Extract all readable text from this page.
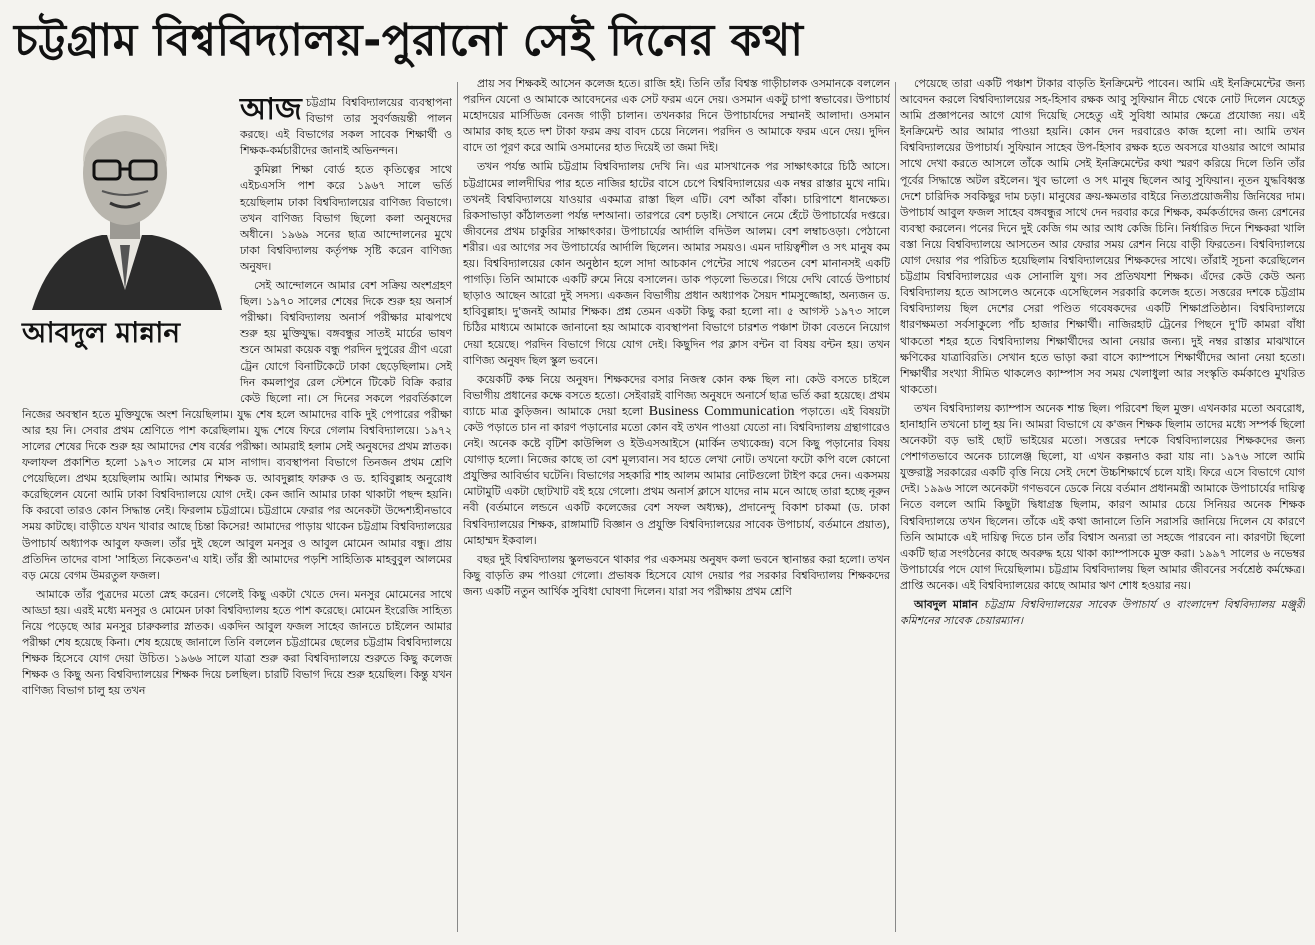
চট্টগ্রাম বিশ্ববিদ্যালয়-পুরানো সেই দিনের কথা

আজ চট্টগ্রাম বিশ্ববিদ্যালয়ের ব্যবস্থাপনা বিভাগ তার সুবর্ণজয়ন্তী পালন করছে। এই বিভাগের সকল সাবেক শিক্ষার্থী ও শিক্ষক-কর্মচারীদের জানাই অভিনন্দন।

কুমিল্লা শিক্ষা বোর্ড হতে কৃতিত্বের সাথে এইচএসসি পাশ করে ১৯৬৭ সালে ভর্তি হয়েছিলাম ঢাকা বিশ্ববিদ্যালয়ের বাণিজ্য বিভাগে। তখন বাণিজ্য বিভাগ ছিলো কলা অনুষদের অধীনে। ১৯৬৯ সনের ছাত্র আন্দোলনের মুখে ঢাকা বিশ্ববিদ্যালয় কর্তৃপক্ষ সৃষ্টি করেন বাণিজ্য অনুষদ।

সেই আন্দোলনে আমার বেশ সক্রিয় অংশগ্রহণ ছিল। ১৯৭০ সালের শেষের দিকে শুরু হয় অনার্স পরীক্ষা। বিশ্ববিদ্যালয় অনার্স পরীক্ষার মাঝপথে শুরু হয় মুক্তিযুদ্ধ। বঙ্গবন্ধুর সাতই মার্চের ভাষণ শুনে আমরা কয়েক বন্ধু পরদিন দুপুরের গ্রীণ এরো ট্রেন যোগে বিনাটিকেটে ঢাকা ছেড়েছিলাম। সেই দিন কমলাপুর রেল স্টেশনে টিকেট বিক্রি করার কেউ ছিলো না। সে দিনের সকলে পরবর্তিকালে নিজের অবস্থান হতে মুক্তিযুদ্ধে অংশ নিয়েছিলাম। যুদ্ধ শেষ হলে আমাদের বাকি দুই পেপারের পরীক্ষা আর হয় নি। সেবার প্রথম শ্রেণিতে পাশ করেছিলাম। যুদ্ধ শেষে ফিরে গেলাম বিশ্ববিদ্যালয়ে। ১৯৭২ সালের শেষের দিকে শুরু হয় আমাদের শেষ বর্ষের পরীক্ষা। আমরাই হলাম সেই অনুষদের প্রথম স্নাতক। ফলাফল প্রকাশিত হলো ১৯৭৩ সালের মে মাস নাগাদ। ব্যবস্থাপনা বিভাগে তিনজন প্রথম শ্রেণি পেয়েছিলে। প্রথম হয়েছিলাম আমি। আমার শিক্ষক ড. আবদুল্লাহ ফারুক ও ড. হাবিবুল্লাহ অনুরোধ করেছিলেন যেনো আমি ঢাকা বিশ্ববিদ্যালয়ে যোগ দেই। কেন জানি আমার ঢাকা থাকাটা পছন্দ হয়নি। কি করবো তারও কোন সিদ্ধান্ত নেই। ফিরলাম চট্টগ্রামে। চট্টগ্রামে ফেরার পর অনেকটা উদ্দেশ্যহীনভাবে সময় কাটছে। বাড়ীতে যখন খাবার আছে চিন্তা কিসের! আমাদের পাড়ায় থাকেন চট্টগ্রাম বিশ্ববিদ্যালয়ের উপাচার্য অধ্যাপক আবুল ফজল। তাঁর দুই ছেলে আবুল মনসুর ও আবুল মোমেন আমার বন্ধু। প্রায় প্রতিদিন তাদের বাসা 'সাহিত্য নিকেতন'এ যাই। তাঁর স্ত্রী আমাদের পড়শি সাহিত্যিক মাহবুবুল আলমের বড় মেয়ে বেগম উমরতুল ফজল।

আমাকে তাঁর পুত্রদের মতো স্নেহ করেন। গেলেই কিছু একটা খেতে দেন। মনসুর মোমেনের সাথে আড্ডা হয়। এরই মধ্যে মনসুর ও মোমেন ঢাকা বিশ্ববিদ্যালয় হতে পাশ করেছে। মোমেন ইংরেজি সাহিত্য নিয়ে পড়েছে আর মনসুর চারুকলার স্নাতক। একদিন আবুল ফজল সাহেব জানতে চাইলেন আমার পরীক্ষা শেষ হয়েছে কিনা। শেষ হয়েছে জানালে তিনি বললেন চট্টগ্রামের ছেলের চট্টগ্রাম বিশ্ববিদ্যালয়ে শিক্ষক হিসেবে যোগ দেয়া উচিত। ১৯৬৬ সালে যাত্রা শুরু করা বিশ্ববিদ্যালয়ে শুরুতে কিছু কলেজ শিক্ষক ও কিছু অন্য বিশ্ববিদ্যালয়ের শিক্ষক দিয়ে চলছিল। চারটি বিভাগ দিয়ে শুরু হয়েছিল। কিন্তু যখন বাণিজ্য বিভাগ চালু হয় তখন

আবদুল মান্নান

প্রায় সব শিক্ষকই আসেন কলেজ হতে। রাজি হই। তিনি তাঁর বিশ্বস্ত গাড়ীচালক ওসমানকে বললেন পরদিন যেনো ও আমাকে আবেদনের এক সেট ফরম এনে দেয়। ওসমান একটু চাপা স্বভাবের। উপাচার্য মহোদয়ের মার্সিডিজ বেনজ গাড়ী চালান। তখনকার দিনে উপাচার্যদের সম্মানই আলাদা। ওসমান আমার কাছ হতে দশ টাকা ফরম ক্রয় বাবদ চেয়ে নিলেন। পরদিন ও আমাকে ফরম এনে দেয়। দুদিন বাদে তা পূরণ করে আমি ওসমানের হাত দিয়েই তা জমা দিই।

তখন পর্যন্ত আমি চট্টগ্রাম বিশ্ববিদ্যালয় দেখি নি। এর মাসখানেক পর সাক্ষাৎকারে চিঠি আসে। চট্টগ্রামের লালদীঘির পার হতে নাজির হাটের বাসে চেপে বিশ্ববিদ্যালয়ের এক নম্বর রাস্তার মুখে নামি। তখনই বিশ্ববিদ্যালয়ে যাওয়ার একমাত্র রাস্তা ছিল এটি। বেশ আঁকা বাঁকা। চারিপাশে ধানক্ষেত। রিকসাভাড়া কাঁঠালতলা পর্যন্ত দশআনা। তারপরে বেশ চড়াই। সেখানে নেমে হেঁটে উপাচার্যের দপ্তরে। জীবনের প্রথম চাকুরির সাক্ষাৎকার। উপাচার্যের আর্দালি বদিউল আলম। বেশ লম্বাচওড়া। পেঠানো শরীর। এর আগের সব উপাচার্যের আর্দালি ছিলেন। আমার সময়ও। এমন দায়িত্বশীল ও সৎ মানুষ কম হয়। বিশ্ববিদ্যালয়ের কোন অনুষ্ঠান হলে সাদা আচকান পেন্টের সাথে পরতেন বেশ মানানসই একটি পাগড়ি। তিনি আমাকে একটি রুমে নিয়ে বসালেন। ডাক পড়লো ভিতরে। গিয়ে দেখি বোর্ডে উপাচার্য ছাড়াও আছেন আরো দুই সদস্য। একজন বিভাগীয় প্রধান অধ্যাপক সৈয়দ শামসুজ্জোহা, অন্যজন ড. হাবিবুল্লাহ। দু'জনই আমার শিক্ষক। প্রশ্ন তেমন একটা কিছু করা হলো না। ৫ আগস্ট ১৯৭৩ সালে চিঠির মাধ্যমে আমাকে জানানো হয় আমাকে ব্যবস্থাপনা বিভাগে চারশত পঞ্চাশ টাকা বেতনে নিয়োগ দেয়া হয়েছে। পরদিন বিভাগে গিয়ে যোগ দেই। কিছুদিন পর ক্লাস বন্টন বা বিষয় বন্টন হয়। তখন বাণিজ্য অনুষদ ছিল স্কুল ভবনে।

কয়েকটি কক্ষ নিয়ে অনুষদ। শিক্ষকদের বসার নিজস্ব কোন কক্ষ ছিল না। কেউ বসতে চাইলে বিভাগীয় প্রধানের কক্ষে বসতে হতো। সেইবারই বাণিজ্য অনুষদে অনার্সে ছাত্র ভর্তি করা হয়েছে। প্রথম ব্যাচে মাত্র কুড়িজন। আমাকে দেয়া হলো Business Communication পড়াতে। এই বিষয়টা কেউ পড়াতে চান না কারণ পড়ানোর মতো কোন বই তখন পাওয়া যেতো না। বিশ্ববিদ্যালয় গ্রন্থাগারেও নেই। অনেক কষ্টে বৃটিশ কাউন্সিল ও ইউএসআইসে (মার্কিন তথ্যকেন্দ্র) বসে কিছু পড়ানোর বিষয় যোগাড় হলো। নিজের কাছে তা বেশ মূল্যবান। সব হাতে লেখা নোট। তখনো ফটো কপি বলে কোনো প্রযুক্তির আবির্ভাব ঘটেনি। বিভাগের সহকারি শাহ আলম আমার নোটগুলো টাইপ করে দেন। একসময় মোটামুটি একটা ছোটখাট বই হয়ে গেলো। প্রথম অনার্স ক্লাসে যাদের নাম মনে আছে তারা হচ্ছে নূরুন নবী (বর্তমানে লন্ডনে একটি কলেজের বেশ সফল অধ্যক্ষ), প্রদানেন্দু বিকাশ চাকমা (ড. ঢাকা বিশ্ববিদ্যালয়ের শিক্ষক, রাঙ্গামাটি বিজ্ঞান ও প্রযুক্তি বিশ্ববিদ্যালয়ের সাবেক উপাচার্য, বর্তমানে প্রয়াত), মোহাম্মদ ইকবাল।

বছর দুই বিশ্ববিদ্যালয় স্কুলভবনে থাকার পর একসময় অনুষদ কলা ভবনে স্থানান্তর করা হলো। তখন কিছু বাড়তি রুম পাওয়া গেলো। প্রভাষক হিসেবে যোগ দেয়ার পর সরকার বিশ্ববিদ্যালয় শিক্ষকদের জন্য একটি নতুন আর্থিক সুবিধা ঘোষণা দিলেন। যারা সব পরীক্ষায় প্রথম শ্রেণি

পেয়েছে তারা একটি পঞ্চাশ টাকার বাড়তি ইনক্রিমেন্ট পাবেন। আমি এই ইনক্রিমেন্টের জন্য আবেদন করলে বিশ্ববিদ্যালয়ের সহ-হিসাব রক্ষক আবু সুফিয়ান নীচে থেকে নোট দিলেন যেহেতু আমি প্রজ্ঞাপনের আগে যোগ দিয়েছি সেহেতু এই সুবিধা আমার ক্ষেত্রে প্রযোজ্য নয়। এই ইনক্রিমেন্ট আর আমার পাওয়া হয়নি। কোন দেন দরবারেও কাজ হলো না। আমি তখন বিশ্ববিদ্যালয়ের উপাচার্য। সুফিয়ান সাহেব উপ-হিসাব রক্ষক হতে অবসরে যাওয়ার আগে আমার সাথে দেখা করতে আসলে তাঁকে আমি সেই ইনক্রিমেন্টের কথা স্মরণ করিয়ে দিলে তিনি তাঁর পূর্বের সিদ্ধান্তে অটল রইলেন। খুব ভালো ও সৎ মানুষ ছিলেন আবু সুফিয়ান। নূতন যুদ্ধবিধ্বস্ত দেশে চারিদিক সবকিছুর দাম চড়া। মানুষের ক্রয়-ক্ষমতার বাইরে নিত্যপ্রয়োজনীয় জিনিষের দাম। উপাচার্য আবুল ফজল সাহেব বঙ্গবন্ধুর সাথে দেন দরবার করে শিক্ষক, কর্মকর্তাদের জন্য রেশনের ব্যবস্থা করলেন। পনের দিনে দুই কেজি গম আর আধ কেজি চিনি। নির্ধারিত দিনে শিক্ষকরা খালি বস্তা নিয়ে বিশ্ববিদ্যালয়ে আসতেন আর ফেরার সময় রেশন নিয়ে বাড়ী ফিরতেন। বিশ্ববিদ্যালয়ে যোগ দেয়ার পর পরিচিত হয়েছিলাম বিশ্ববিদ্যালয়ের শিক্ষকদের সাথে। তাঁরাই সূচনা করেছিলেন চট্টগ্রাম বিশ্ববিদ্যালয়ের এক সোনালি যুগ। সব প্রতিথযশা শিক্ষক। এঁদের কেউ কেউ অন্য বিশ্ববিদ্যালয় হতে আসলেও অনেকে এসেছিলেন সরকারি কলেজ হতে। সত্তরের দশকে চট্টগ্রাম বিশ্ববিদ্যালয় ছিল দেশের সেরা পণ্ডিত গবেষকদের একটি শিক্ষাপ্রতিষ্ঠান। বিশ্ববিদ্যালয়ে ধারণক্ষমতা সর্বসাকুল্যে পাঁচ হাজার শিক্ষার্থী। নাজিরহাট ট্রেনের পিছনে দু'টি কামরা বাঁধা থাকতো শহর হতে বিশ্ববিদ্যালয় শিক্ষার্থীদের আনা নেয়ার জন্য। দুই নম্বর রাস্তার মাঝখানে ক্ষণিকের যাত্রাবিরতি। সেখান হতে ভাড়া করা বাসে ক্যাম্পাসে শিক্ষার্থীদের আনা নেয়া হতো। শিক্ষার্থীর সংখ্যা সীমিত থাকলেও ক্যাম্পাস সব সময় খেলাধুলা আর সংস্কৃতি কর্মকাণ্ডে মুখরিত থাকতো।

তখন বিশ্ববিদ্যালয় ক্যাম্পাস অনেক শান্ত ছিল। পরিবেশ ছিল মুক্ত। এখনকার মতো অবরোধ, হানাহানি তখনো চালু হয় নি। আমরা বিভাগে যে ক'জন শিক্ষক ছিলাম তাদের মধ্যে সম্পর্ক ছিলো অনেকটা বড় ভাই ছোট ভাইয়ের মতো। সত্তরের দশকে বিশ্ববিদ্যালয়ের শিক্ষকদের জন্য পেশাগতভাবে অনেক চ্যালেঞ্জ ছিলো, যা এখন কল্পনাও করা যায় না। ১৯৭৬ সালে আমি যুক্তরাষ্ট্র সরকারের একটি বৃত্তি নিয়ে সেই দেশে উচ্চশিক্ষার্থে চলে যাই। ফিরে এসে বিভাগে যোগ দেই। ১৯৯৬ সালে অনেকটা গণভবনে ডেকে নিয়ে বর্তমান প্রধানমন্ত্রী আমাকে উপাচার্যের দায়িত্ব নিতে বললে আমি কিছুটা দ্বিধাগ্রস্ত ছিলাম, কারণ আমার চেয়ে সিনিয়র অনেক শিক্ষক বিশ্ববিদ্যালয়ে তখন ছিলেন। তাঁকে এই কথা জানালে তিনি সরাসরি জানিয়ে দিলেন যে কারণে তিনি আমাকে এই দায়িত্ব দিতে চান তাঁর বিশ্বাস অন্যরা তা সহজে পারবেন না। কারণটা ছিলো একটি ছাত্র সংগঠনের কাছে অবরুদ্ধ হয়ে থাকা ক্যাম্পাসকে মুক্ত করা। ১৯৯৭ সালের ৬ নভেম্বর উপাচার্যের পদে যোগ দিয়েছিলাম। চট্টগ্রাম বিশ্ববিদ্যালয় ছিল আমার জীবনের সর্বশ্রেষ্ঠ কর্মক্ষেত্র। প্রাপ্তি অনেক। এই বিশ্ববিদ্যালয়ের কাছে আমার ঋণ শোধ হওয়ার নয়।

আবদুল মান্নান চট্টগ্রাম বিশ্ববিদ্যালয়ের সাবেক উপাচার্য ও বাংলাদেশ বিশ্ববিদ্যালয় মঞ্জুরী কমিশনের সাবেক চেয়ারম্যান।
